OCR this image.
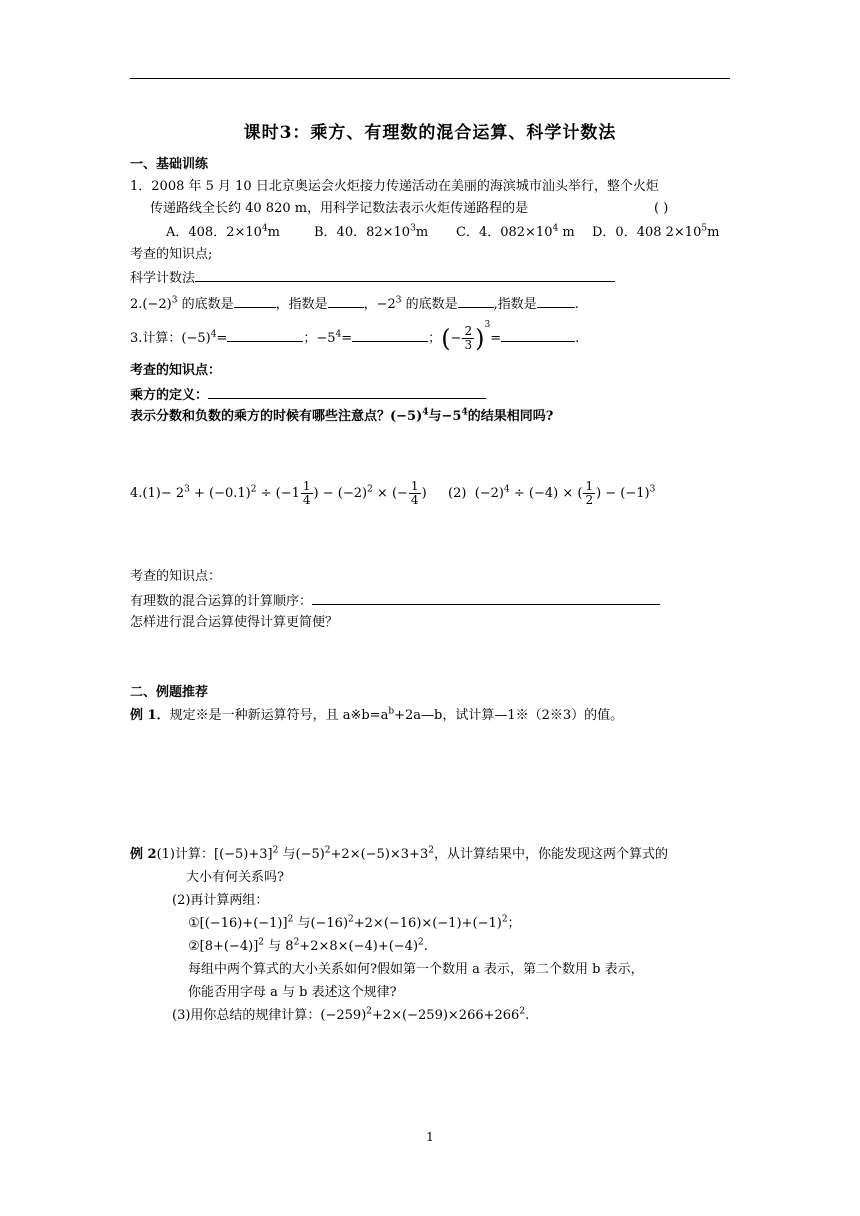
课时3：乘方、有理数的混合运算、科学计数法
一、基础训练
1．2008 年 5 月 10 日北京奥运会火炬接力传递活动在美丽的海滨城市汕头举行，整个火炬
传递路线全长约 40 820 m，用科学记数法表示火炬传递路程的是	( )
A．408．$2\times 10^4m$	B．40．$82\times 10^3m$ C．4．$082\times 10^4$ m D．0．408 $2\times 10^5m$
考查的知识点;
科学计数法
$2.(-2)^3$ 的底数是	，指数是	，$-2^3$ 的底数是	,指数是	.
3.计算：$(-5)^4=$	；$-5^4=$	；(− $\frac{2}{3} )^3=$	.
考查的知识点：
乘方的定义：
表示分数和负数的乘方的时候有哪些注意点？$(-5)^4$与$-5^4$的结果相同吗?
$4.(1)- 2^3 + (-0.1)^2 \div (-1 \frac{1}{4}$ ) − $(-2)^2$ × (− $\frac{1}{4}$ ) (2) $(-2)^4 \div (-4)$ × ( $\frac{1}{2}$ ) − $(-1)^3$
考查的知识点：
有理数的混合运算的计算顺序：
怎样进行混合运算使得计算更简便？
二、例题推荐
例 1．规定※是一种新运算符号，且 $a※b=a^b+2a—b$，试计算—1※（2※3）的值。
例 2(1)计算：$[(-5)+3]^2$ 与$(-5)^2+2\times(-5)\times 3+3^2$，从计算结果中，你能发现这两个算式的
大小有何关系吗?
(2)再计算两组：
$①[(-16)+(-1)]^2$ 与$(-16)^2+2\times(-16)\times(-1)+(-1)^2$；
$②[8+(-4)]^2$ 与 $8^2+2\times 8\times(-4)+(-4)^2$.
每组中两个算式的大小关系如何?假如第一个数用 a 表示，第二个数用 b 表示，
你能否用字母 a 与 b 表述这个规律?
(3)用你总结的规律计算：$(-259)^2+2\times(-259)\times 266+266^2$.
1
